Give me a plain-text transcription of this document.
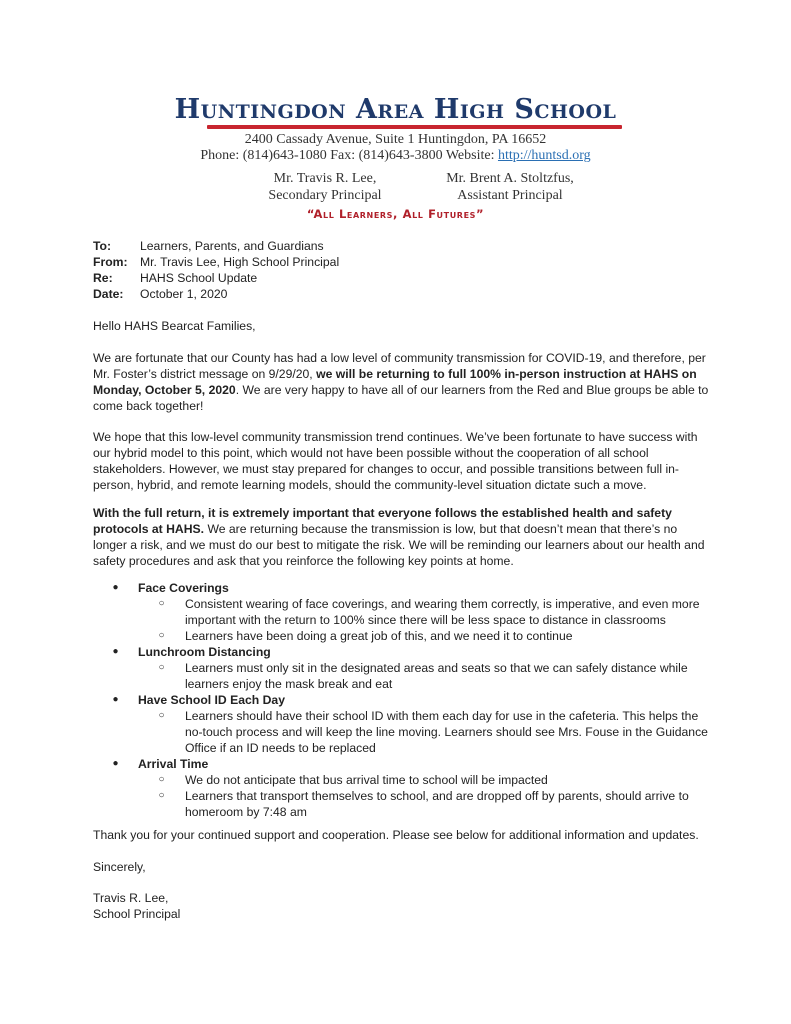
Huntingdon Area High School
2400 Cassady Avenue, Suite 1 Huntingdon, PA 16652
Phone: (814)643-1080 Fax: (814)643-3800 Website: http://huntsd.org
Mr. Travis R. Lee,
Secondary Principal
Mr. Brent A. Stoltzfus,
Assistant Principal
“All Learners, All Futures”
To:	Learners, Parents, and Guardians
From:	Mr. Travis Lee, High School Principal
Re:	HAHS School Update
Date:	October 1, 2020
Hello HAHS Bearcat Families,
We are fortunate that our County has had a low level of community transmission for COVID-19, and therefore, per Mr. Foster’s district message on 9/29/20, we will be returning to full 100% in-person instruction at HAHS on Monday, October 5, 2020. We are very happy to have all of our learners from the Red and Blue groups be able to come back together!
We hope that this low-level community transmission trend continues. We’ve been fortunate to have success with our hybrid model to this point, which would not have been possible without the cooperation of all school stakeholders. However, we must stay prepared for changes to occur, and possible transitions between full in-person, hybrid, and remote learning models, should the community-level situation dictate such a move.
With the full return, it is extremely important that everyone follows the established health and safety protocols at HAHS. We are returning because the transmission is low, but that doesn’t mean that there’s no longer a risk, and we must do our best to mitigate the risk. We will be reminding our learners about our health and safety procedures and ask that you reinforce the following key points at home.
●	Face Coverings
○	Consistent wearing of face coverings, and wearing them correctly, is imperative, and even more important with the return to 100% since there will be less space to distance in classrooms
○	Learners have been doing a great job of this, and we need it to continue
●	Lunchroom Distancing
○	Learners must only sit in the designated areas and seats so that we can safely distance while learners enjoy the mask break and eat
●	Have School ID Each Day
○	Learners should have their school ID with them each day for use in the cafeteria. This helps the no-touch process and will keep the line moving. Learners should see Mrs. Fouse in the Guidance Office if an ID needs to be replaced
●	Arrival Time
○	We do not anticipate that bus arrival time to school will be impacted
○	Learners that transport themselves to school, and are dropped off by parents, should arrive to homeroom by 7:48 am
Thank you for your continued support and cooperation. Please see below for additional information and updates.
Sincerely,
Travis R. Lee,
School Principal
